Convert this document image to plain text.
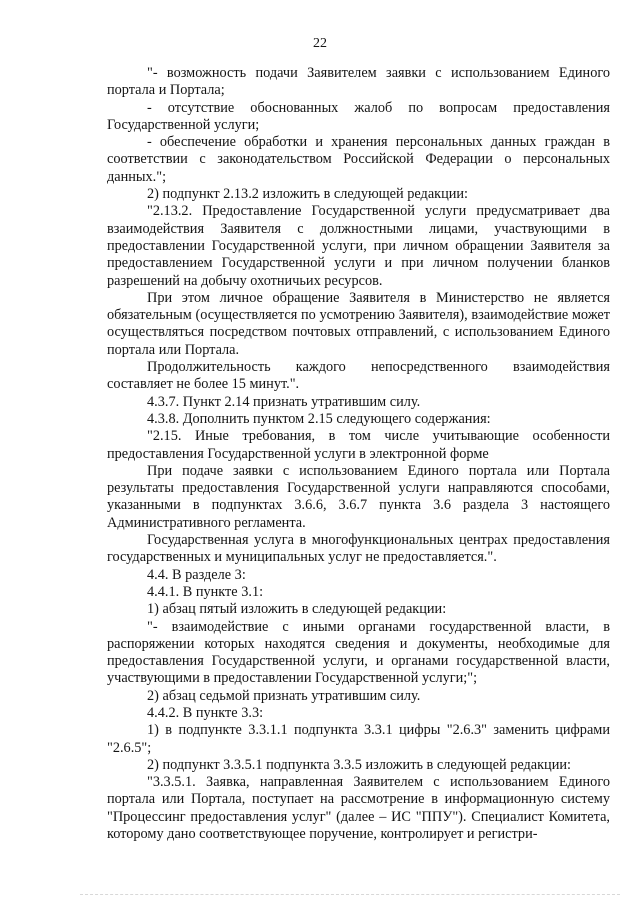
22

"- возможность подачи Заявителем заявки с использованием Единого портала и Портала;

- отсутствие обоснованных жалоб по вопросам предоставления Государственной услуги;

- обеспечение обработки и хранения персональных данных граждан в соответствии с законодательством Российской Федерации о персональных данных.";

2) подпункт 2.13.2 изложить в следующей редакции:

"2.13.2. Предоставление Государственной услуги предусматривает два взаимодействия Заявителя с должностными лицами, участвующими в предоставлении Государственной услуги, при личном обращении Заявителя за предоставлением Государственной услуги и при личном получении бланков разрешений на добычу охотничьих ресурсов.

При этом личное обращение Заявителя в Министерство не является обязательным (осуществляется по усмотрению Заявителя), взаимодействие может осуществляться посредством почтовых отправлений, с использованием Единого портала или Портала.

Продолжительность каждого непосредственного взаимодействия составляет не более 15 минут.".

4.3.7. Пункт 2.14 признать утратившим силу.

4.3.8. Дополнить пунктом 2.15 следующего содержания:

"2.15. Иные требования, в том числе учитывающие особенности предоставления Государственной услуги в электронной форме

При подаче заявки с использованием Единого портала или Портала результаты предоставления Государственной услуги направляются способами, указанными в подпунктах 3.6.6, 3.6.7 пункта 3.6 раздела 3 настоящего Административного регламента.

Государственная услуга в многофункциональных центрах предоставления государственных и муниципальных услуг не предоставляется.".

4.4. В разделе 3:

4.4.1. В пункте 3.1:

1) абзац пятый изложить в следующей редакции:

"- взаимодействие с иными органами государственной власти, в распоряжении которых находятся сведения и документы, необходимые для предоставления Государственной услуги, и органами государственной власти, участвующими в предоставлении Государственной услуги;";

2) абзац седьмой признать утратившим силу.

4.4.2. В пункте 3.3:

1) в подпункте 3.3.1.1 подпункта 3.3.1 цифры "2.6.3" заменить цифрами "2.6.5";

2) подпункт 3.3.5.1 подпункта 3.3.5 изложить в следующей редакции:

"3.3.5.1. Заявка, направленная Заявителем с использованием Единого портала или Портала, поступает на рассмотрение в информационную систему "Процессинг предоставления услуг" (далее – ИС "ППУ"). Специалист Комитета, которому дано соответствующее поручение, контролирует и регистри-
